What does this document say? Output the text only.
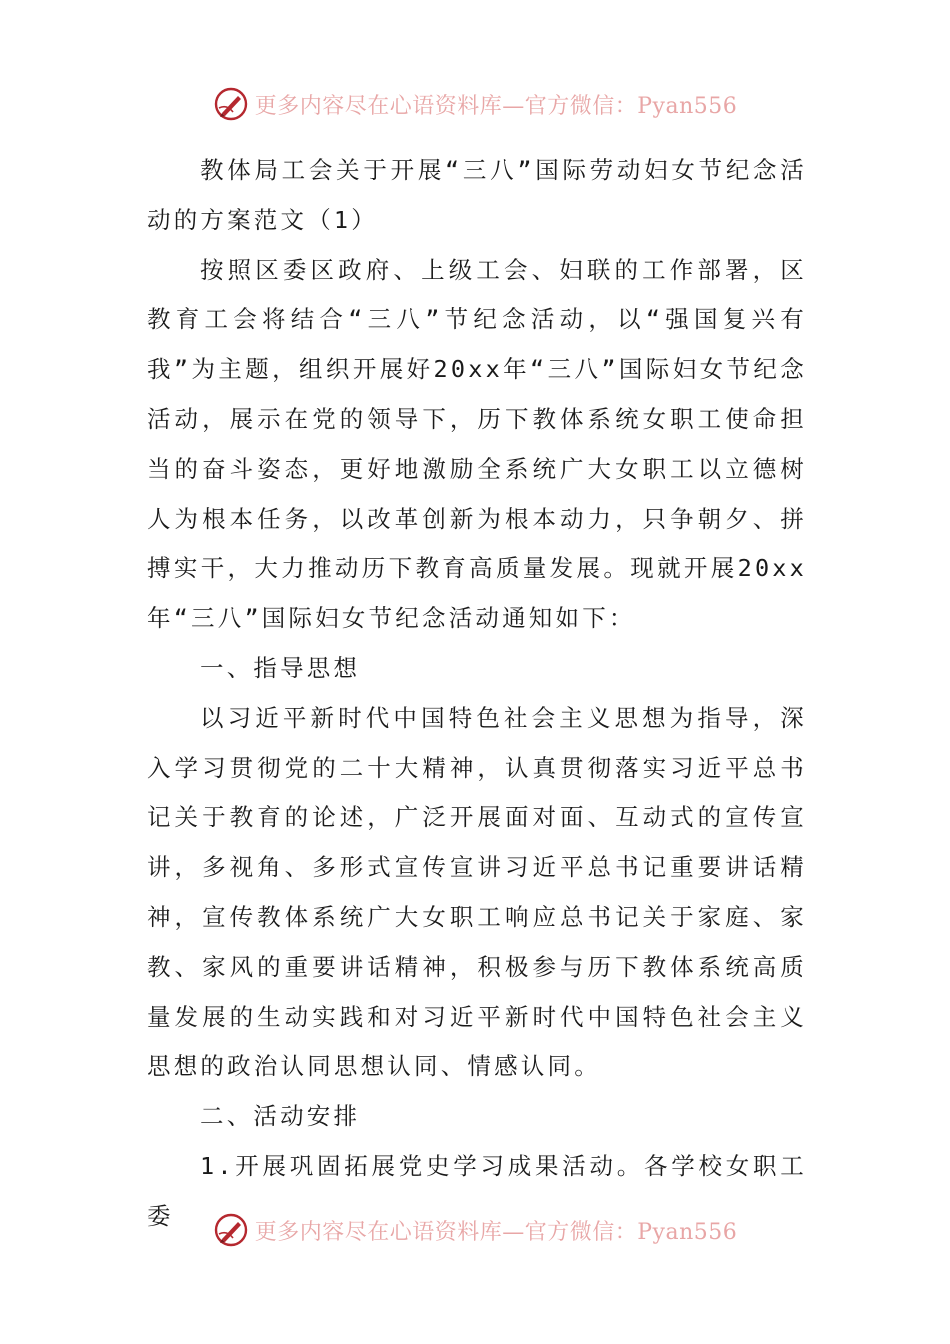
更多内容尽在心语资料库—官方微信：Pyan556

教体局工会关于开展“三八”国际劳动妇女节纪念活动的方案范文（1）

按照区委区政府、上级工会、妇联的工作部署，区教育工会将结合“三八”节纪念活动，以“强国复兴有我”为主题，组织开展好20xx年“三八”国际妇女节纪念活动，展示在党的领导下，历下教体系统女职工使命担当的奋斗姿态，更好地激励全系统广大女职工以立德树人为根本任务，以改革创新为根本动力，只争朝夕、拼搏实干，大力推动历下教育高质量发展。现就开展20xx年“三八”国际妇女节纪念活动通知如下：

一、指导思想

以习近平新时代中国特色社会主义思想为指导，深入学习贯彻党的二十大精神，认真贯彻落实习近平总书记关于教育的论述，广泛开展面对面、互动式的宣传宣讲，多视角、多形式宣传宣讲习近平总书记重要讲话精神，宣传教体系统广大女职工响应总书记关于家庭、家教、家风的重要讲话精神，积极参与历下教体系统高质量发展的生动实践和对习近平新时代中国特色社会主义思想的政治认同思想认同、情感认同。

二、活动安排

1.开展巩固拓展党史学习成果活动。各学校女职工委

更多内容尽在心语资料库—官方微信：Pyan556
